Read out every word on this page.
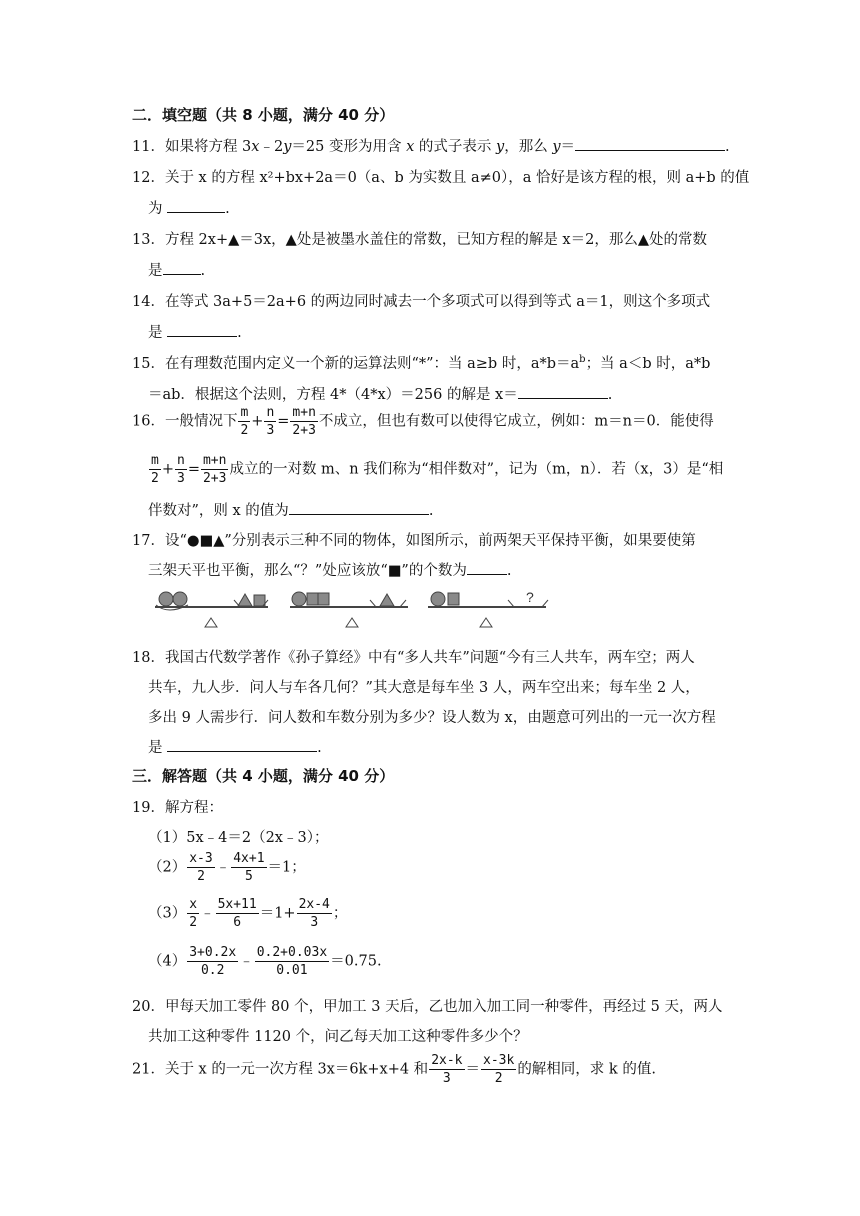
二．填空题（共 8 小题，满分 40 分）
11．如果将方程 3x﹣2y＝25 变形为用含 x 的式子表示 y，那么 y＝	.
12．关于 x 的方程 x²+bx+2a＝0（a、b 为实数且 a≠0），a 恰好是该方程的根，则 a+b 的值
为	.
13．方程 2x+▲＝3x，▲处是被墨水盖住的常数，已知方程的解是 x＝2，那么▲处的常数
是	.
14．在等式 3a+5＝2a+6 的两边同时减去一个多项式可以得到等式 a＝1，则这个多项式
是	.
15．在有理数范围内定义一个新的运算法则“*”：当 a≥b 时，$a*b=a^b$；当 a＜b 时，a*b
＝ab．根据这个法则，方程 4*（4*x）＝256 的解是 x＝	.
16．一般情况下 $\frac{m}{2} + \frac{n}{3} = \frac{m+n}{2+3}$ 不成立，但也有数可以使得它成立，例如：m＝n＝0．能使得
$\frac{m}{2} + \frac{n}{3} = \frac{m+n}{2+3}$ 成立的一对数 m、n 我们称为“相伴数对”，记为（m，n）．若（x，3）是“相
伴数对”，则 x 的值为	.
17．设“●■▲”分别表示三种不同的物体，如图所示，前两架天平保持平衡，如果要使第
三架天平也平衡，那么“？”处应该放“■”的个数为	.
?
18．我国古代数学著作《孙子算经》中有“多人共车”问题“今有三人共车，两车空；两人
共车，九人步．问人与车各几何？”其大意是每车坐 3 人，两车空出来；每车坐 2 人，
多出 9 人需步行．问人数和车数分别为多少？设人数为 x，由题意可列出的一元一次方程
是	.
三．解答题（共 4 小题，满分 40 分）
19．解方程：
（1）5x﹣4＝2（2x﹣3）；
$(2) \frac{x-3}{2}$ ﹣ $\frac{4x+1}{5} =1$；
$(3) \frac{x}{2}$ ﹣ $\frac{5x+11}{6} =1+ \frac{2x-4}{3}$ ；
$(4) \frac{3+0.2x}{0.2}$ ﹣ $\frac{0.2+0.03x}{0.01} =0.75$.
20．甲每天加工零件 80 个，甲加工 3 天后，乙也加入加工同一种零件，再经过 5 天，两人
共加工这种零件 1120 个，问乙每天加工这种零件多少个？
21．关于 x 的一元一次方程 3x＝6k+x+4 和 $\frac{2x-k}{3} = \frac{x-3k}{2}$ 的解相同，求 k 的值.
